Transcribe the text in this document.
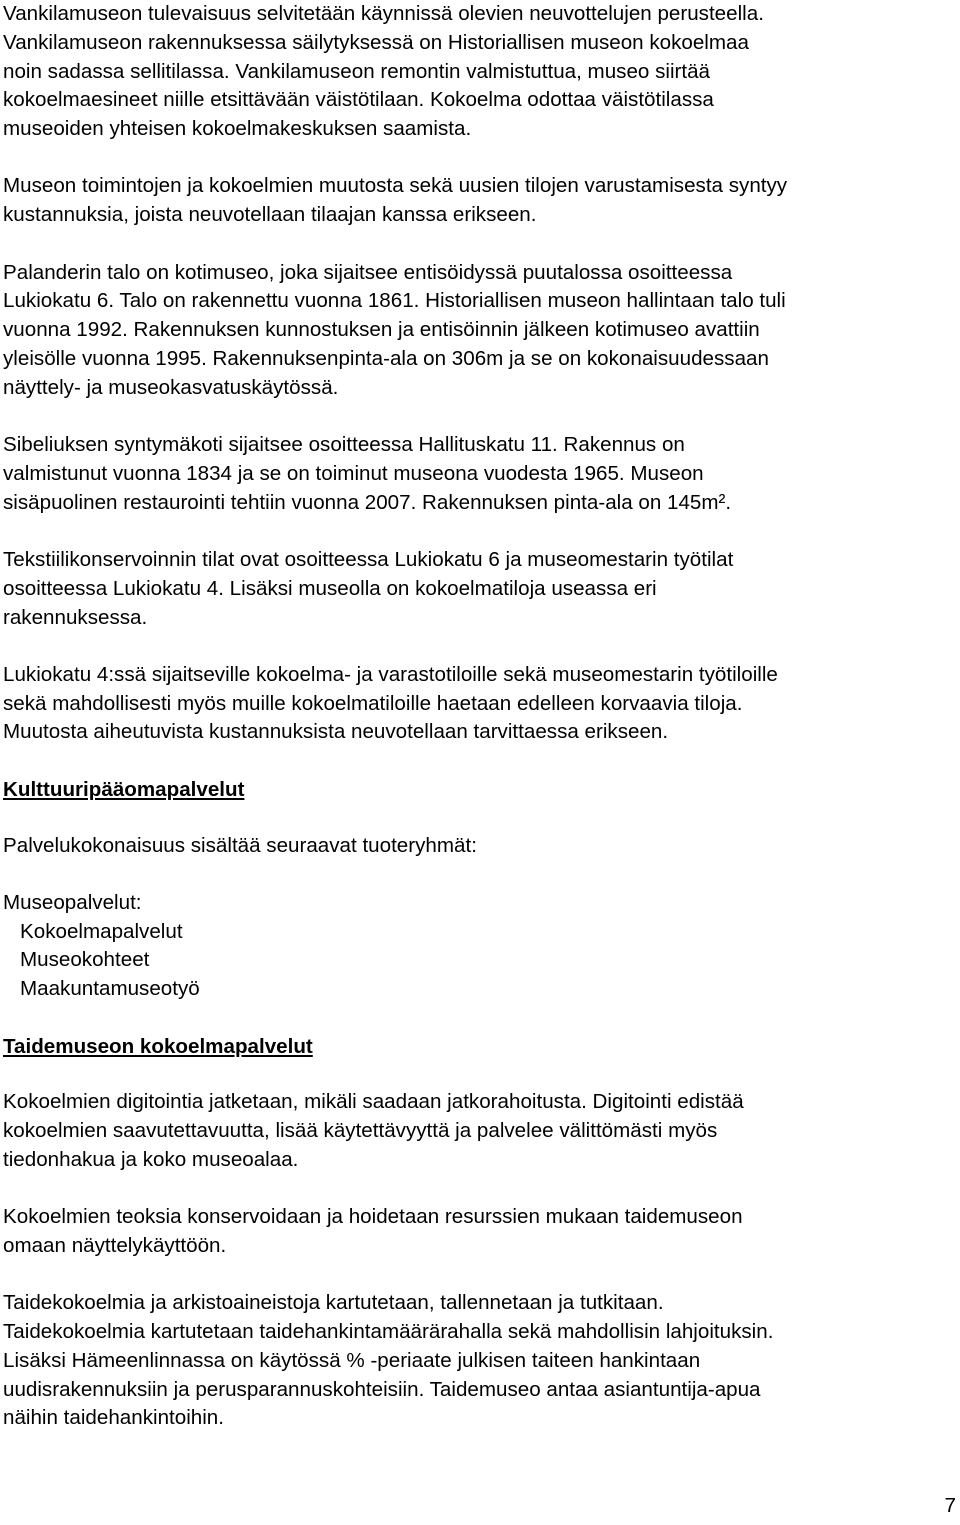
Vankilamuseon tulevaisuus selvitetään käynnissä olevien neuvottelujen perusteella.
Vankilamuseon rakennuksessa säilytyksessä on Historiallisen museon kokoelmaa
noin sadassa sellitilassa. Vankilamuseon remontin valmistuttua, museo siirtää
kokoelmaesineet niille etsittävään väistötilaan. Kokoelma odottaa väistötilassa
museoiden yhteisen kokoelmakeskuksen saamista.
Museon toimintojen ja kokoelmien muutosta sekä uusien tilojen varustamisesta syntyy
kustannuksia, joista neuvotellaan tilaajan kanssa erikseen.
Palanderin talo on kotimuseo, joka sijaitsee entisöidyssä puutalossa osoitteessa
Lukiokatu 6. Talo on rakennettu vuonna 1861. Historiallisen museon hallintaan talo tuli
vuonna 1992. Rakennuksen kunnostuksen ja entisöinnin jälkeen kotimuseo avattiin
yleisölle vuonna 1995. Rakennuksenpinta-ala on 306m ja se on kokonaisuudessaan
näyttely- ja museokasvatuskäytössä.
Sibeliuksen syntymäkoti sijaitsee osoitteessa Hallituskatu 11. Rakennus on
valmistunut vuonna 1834 ja se on toiminut museona vuodesta 1965. Museon
sisäpuolinen restaurointi tehtiin vuonna 2007. Rakennuksen pinta-ala on 145m².
Tekstiilikonservoinnin tilat ovat osoitteessa Lukiokatu 6 ja museomestarin työtilat
osoitteessa Lukiokatu 4. Lisäksi museolla on kokoelmatiloja useassa eri
rakennuksessa.
Lukiokatu 4:ssä sijaitseville kokoelma- ja varastotiloille sekä museomestarin työtiloille
sekä mahdollisesti myös muille kokoelmatiloille haetaan edelleen korvaavia tiloja.
Muutosta aiheutuvista kustannuksista neuvotellaan tarvittaessa erikseen.
Kulttuuripääomapalvelut
Palvelukokonaisuus sisältää seuraavat tuoteryhmät:
Museopalvelut:
Kokoelmapalvelut
Museokohteet
Maakuntamuseotyö
Taidemuseon kokoelmapalvelut
Kokoelmien digitointia jatketaan, mikäli saadaan jatkorahoitusta. Digitointi edistää
kokoelmien saavutettavuutta, lisää käytettävyyttä ja palvelee välittömästi myös
tiedonhakua ja koko museoalaa.
Kokoelmien teoksia konservoidaan ja hoidetaan resurssien mukaan taidemuseon
omaan näyttelykäyttöön.
Taidekokoelmia ja arkistoaineistoja kartutetaan, tallennetaan ja tutkitaan.
Taidekokoelmia kartutetaan taidehankintamäärärahalla sekä mahdollisin lahjoituksin.
Lisäksi Hämeenlinnassa on käytössä % -periaate julkisen taiteen hankintaan
uudisrakennuksiin ja perusparannuskohteisiin. Taidemuseo antaa asiantuntija-apua
näihin taidehankintoihin.
7
